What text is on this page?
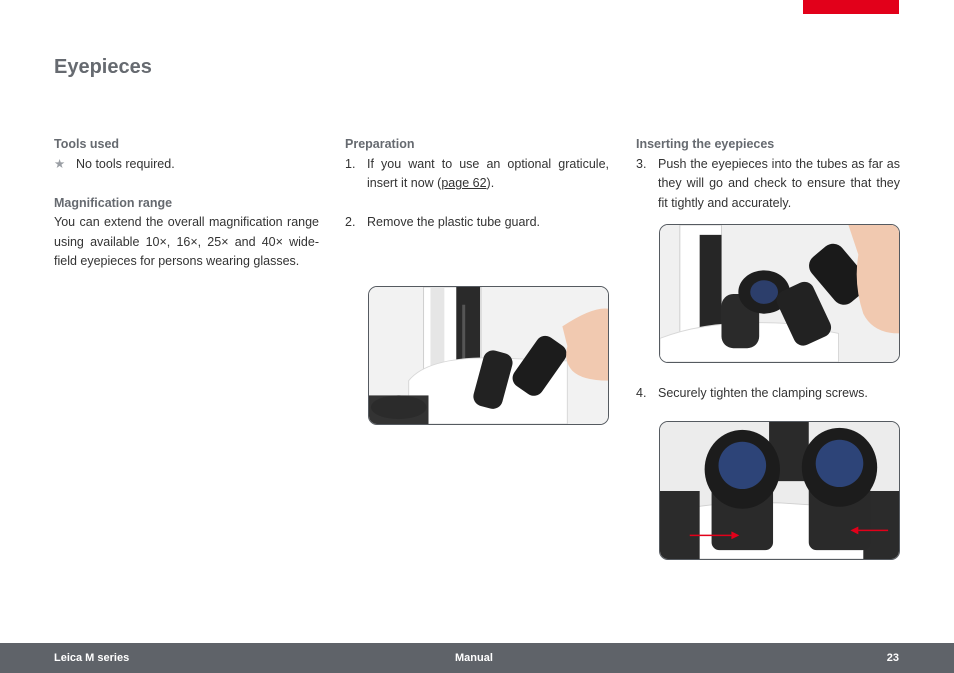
Eyepieces

Tools used

★ No tools required.

Magnification range

You can extend the overall magnification range using available 10×, 16×, 25× and 40× wide-field eyepieces for persons wearing glasses.

Preparation

1. If you want to use an optional graticule, insert it now (page 62).

2. Remove the plastic tube guard.

Inserting the eyepieces

3. Push the eyepieces into the tubes as far as they will go and check to ensure that they fit tightly and accurately.

4. Securely tighten the clamping screws.

Leica M series	Manual	23
